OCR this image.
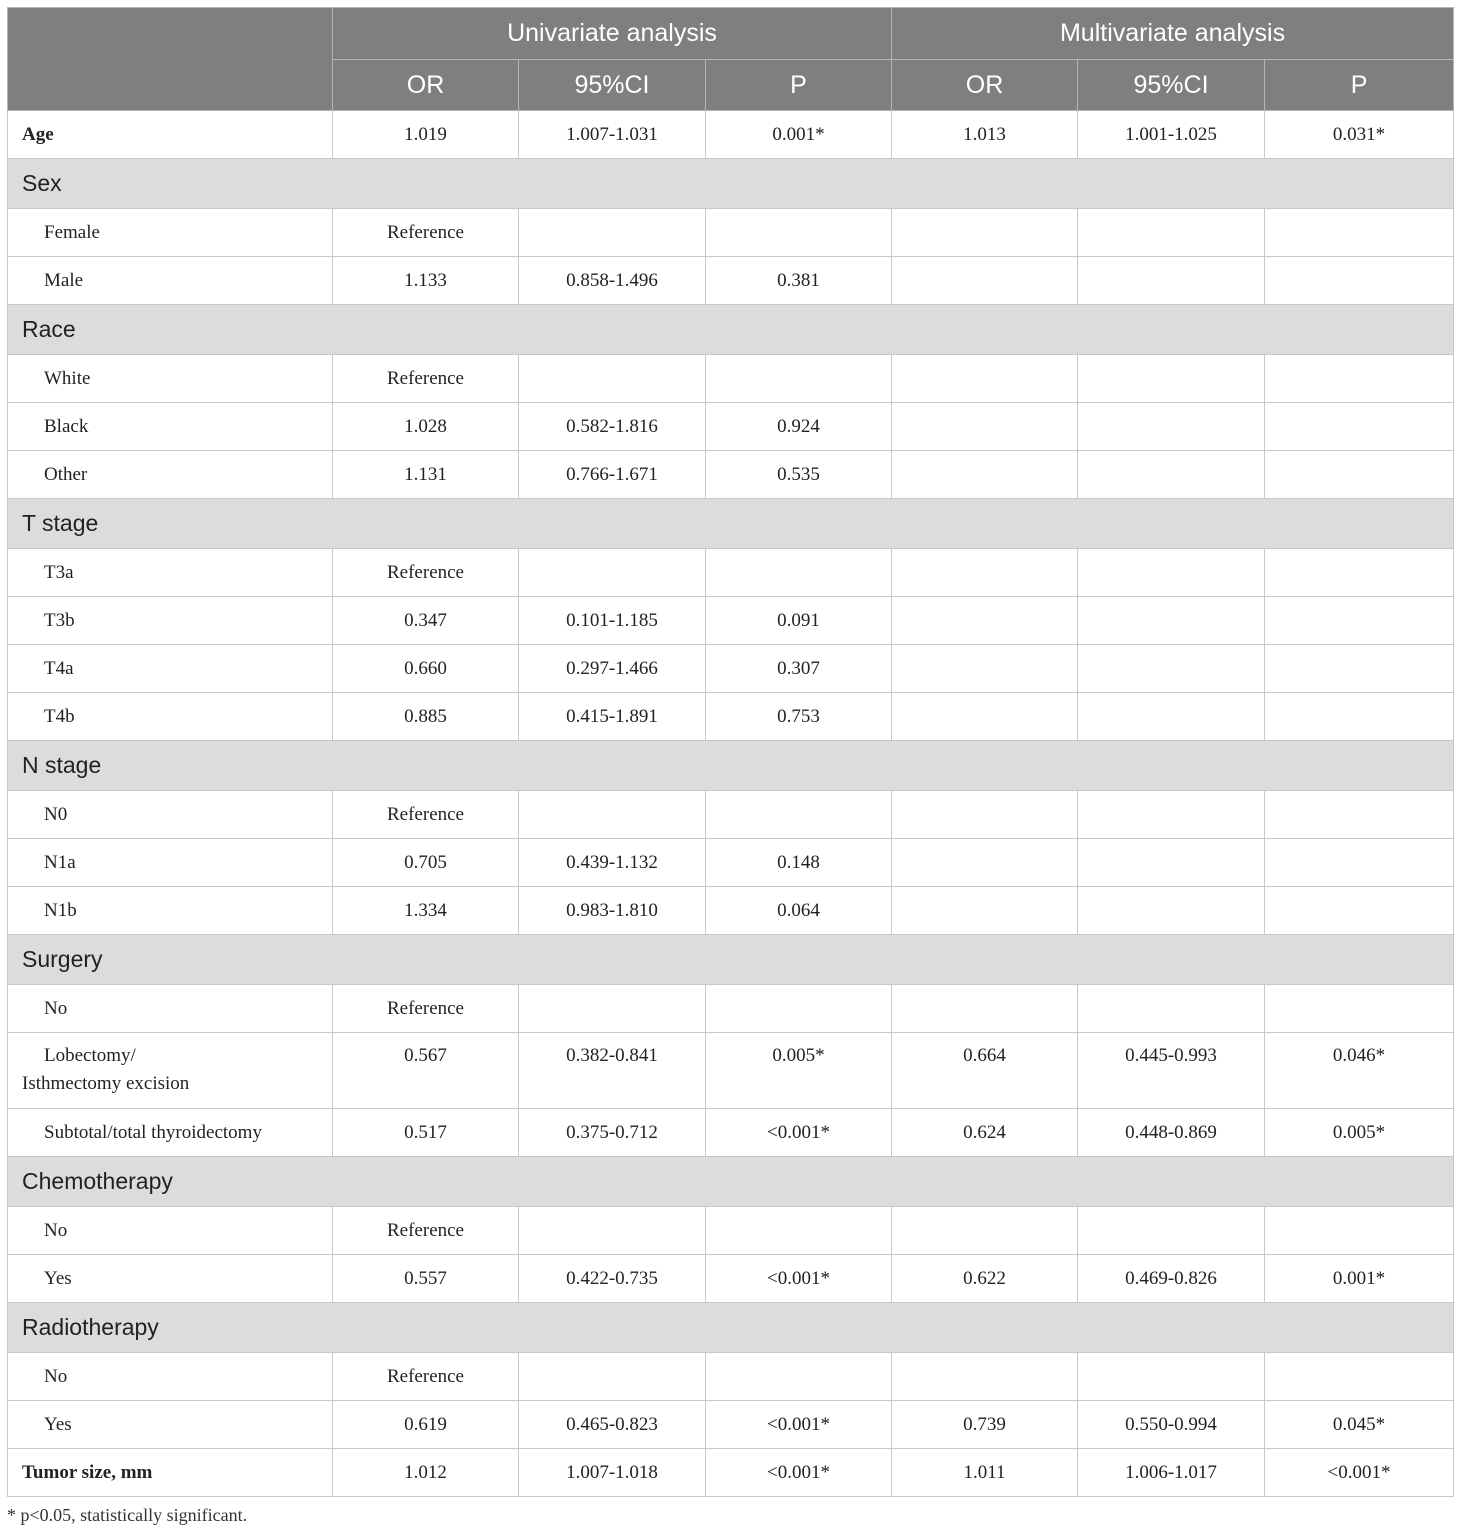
	Univariate analysis			Multivariate analysis		
	OR	95%CI	P	OR	95%CI	P
Age	1.019	1.007-1.031	0.001*	1.013	1.001-1.025	0.031*
Sex						
Female	Reference					
Male	1.133	0.858-1.496	0.381			
Race						
White	Reference					
Black	1.028	0.582-1.816	0.924			
Other	1.131	0.766-1.671	0.535			
T stage						
T3a	Reference					
T3b	0.347	0.101-1.185	0.091			
T4a	0.660	0.297-1.466	0.307			
T4b	0.885	0.415-1.891	0.753			
N stage						
N0	Reference					
N1a	0.705	0.439-1.132	0.148			
N1b	1.334	0.983-1.810	0.064			
Surgery						
No	Reference					

Lobectomy/
Isthmectomy excision	0.567	0.382-0.841	0.005*	0.664	0.445-0.993	0.046*
Subtotal/total thyroidectomy	0.517	0.375-0.712	<0.001*	0.624	0.448-0.869	0.005*
Chemotherapy						
No	Reference					
Yes	0.557	0.422-0.735	<0.001*	0.622	0.469-0.826	0.001*
Radiotherapy						
No	Reference					
Yes	0.619	0.465-0.823	<0.001*	0.739	0.550-0.994	0.045*
Tumor size, mm	1.012	1.007-1.018	<0.001*	1.011	1.006-1.017	<0.001*
* p<0.05, statistically significant.
